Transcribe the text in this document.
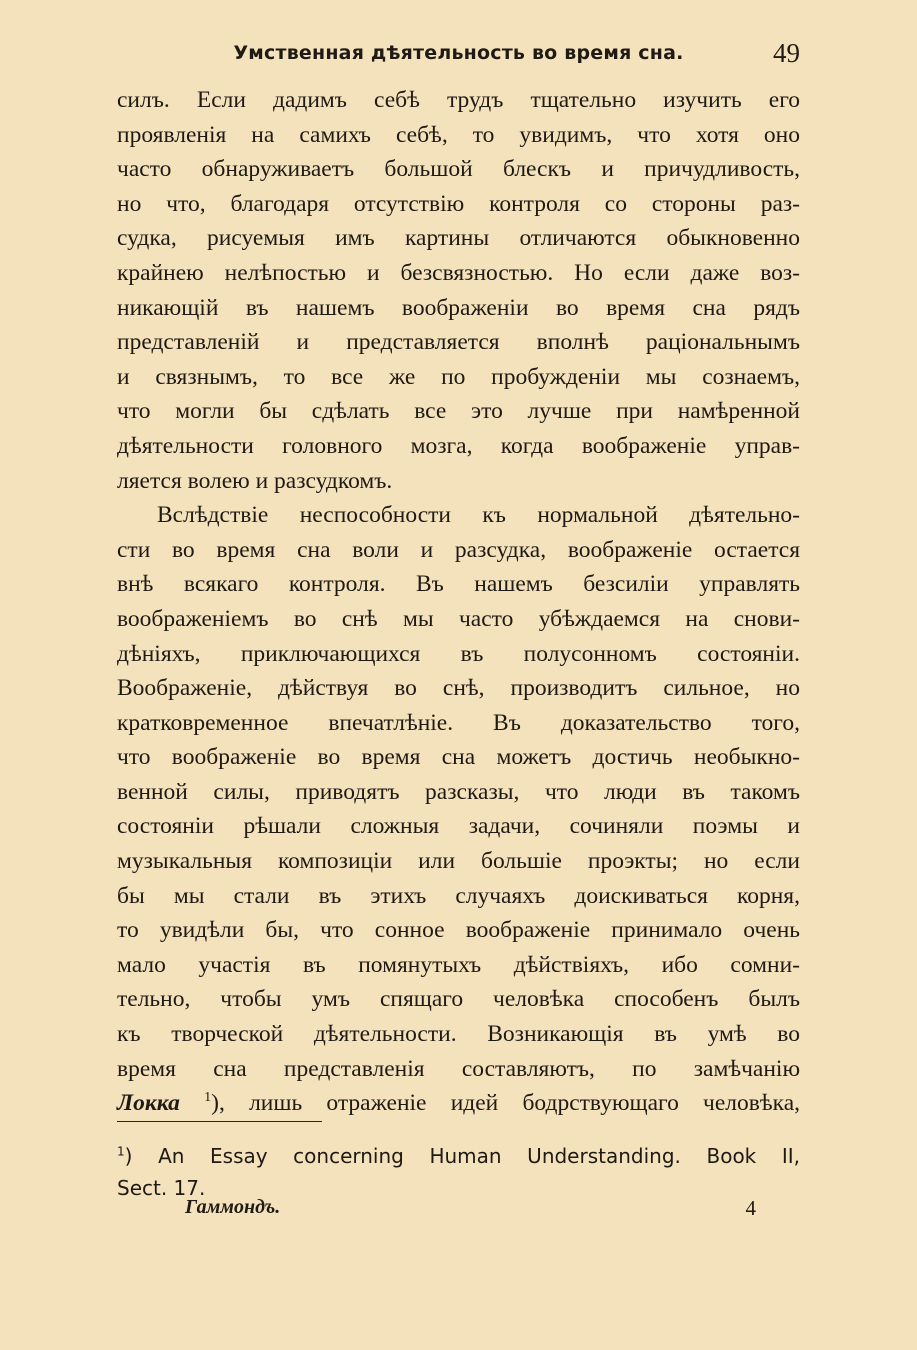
Умственная дѣятельность во время сна.	49
силъ. Если дадимъ себѣ трудъ тщательно изучить его
проявленія на самихъ себѣ, то увидимъ, что хотя оно
часто обнаруживаетъ большой блескъ и причудливость,
но что, благодаря отсутствію контроля со стороны раз-
судка, рисуемыя имъ картины отличаются обыкновенно
крайнею нелѣпостью и безсвязностью. Но если даже воз-
никающій въ нашемъ воображеніи во время сна рядъ
представленій и представляется вполнѣ раціональнымъ
и связнымъ, то все же по пробужденіи мы сознаемъ,
что могли бы сдѣлать все это лучше при намѣренной
дѣятельности головного мозга, когда воображеніе управ-
ляется волею и разсудкомъ.
Вслѣдствіе неспособности къ нормальной дѣятельно-
сти во время сна воли и разсудка, воображеніе остается
внѣ всякаго контроля. Въ нашемъ безсиліи управлять
воображеніемъ во снѣ мы часто убѣждаемся на снови-
дѣніяхъ, приключающихся въ полусонномъ состояніи.
Воображеніе, дѣйствуя во снѣ, производитъ сильное, но
кратковременное впечатлѣніе. Въ доказательство того,
что воображеніе во время сна можетъ достичь необыкно-
венной силы, приводятъ разсказы, что люди въ такомъ
состояніи рѣшали сложныя задачи, сочиняли поэмы и
музыкальныя композиціи или большіе проэкты; но если
бы мы стали въ этихъ случаяхъ доискиваться корня,
то увидѣли бы, что сонное воображеніе принимало очень
мало участія въ помянутыхъ дѣйствіяхъ, ибо сомни-
тельно, чтобы умъ спящаго человѣка способенъ былъ
къ творческой дѣятельности. Возникающія въ умѣ во
время сна представленія составляютъ, по замѣчанію
Локка $^1$), лишь отраженіе идей бодрствующаго человѣка,
$^1$) An Essay concerning Human Understanding. Book II,
Sect. 17.
Гаммондъ.	4
